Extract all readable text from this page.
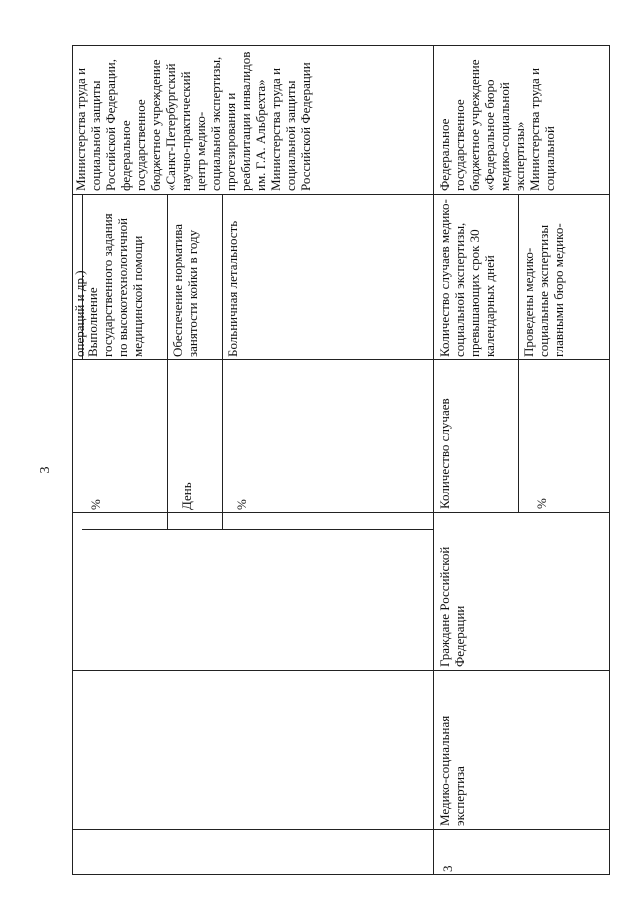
3
операций и др.)
Выполнение государственного задания по высокотехнологичной медицинской помощи
%
Обеспечение норматива занятости койки в году
День
Больничная летальность
%
Министерства труда и социальной защиты Российской Федерации, федеральное государственное бюджетное учреждение «Санкт-Петербургский научно-практический центр медико-социальной экспертизы, протезирования и реабилитации инвалидов им. Г.А. Альбрехта» Министерства труда и социальной защиты Российской Федерации
3
Медико-социальная экспертиза
Граждане Российской Федерации
Количество случаев
Количество случаев медико-социальной экспертизы, превышающих срок 30 календарных дней
%
Проведены медико-социальные экспертизы главными бюро медико-
Федеральное государственное бюджетное учреждение «Федеральное бюро медико-социальной экспертизы» Министерства труда и социальной
